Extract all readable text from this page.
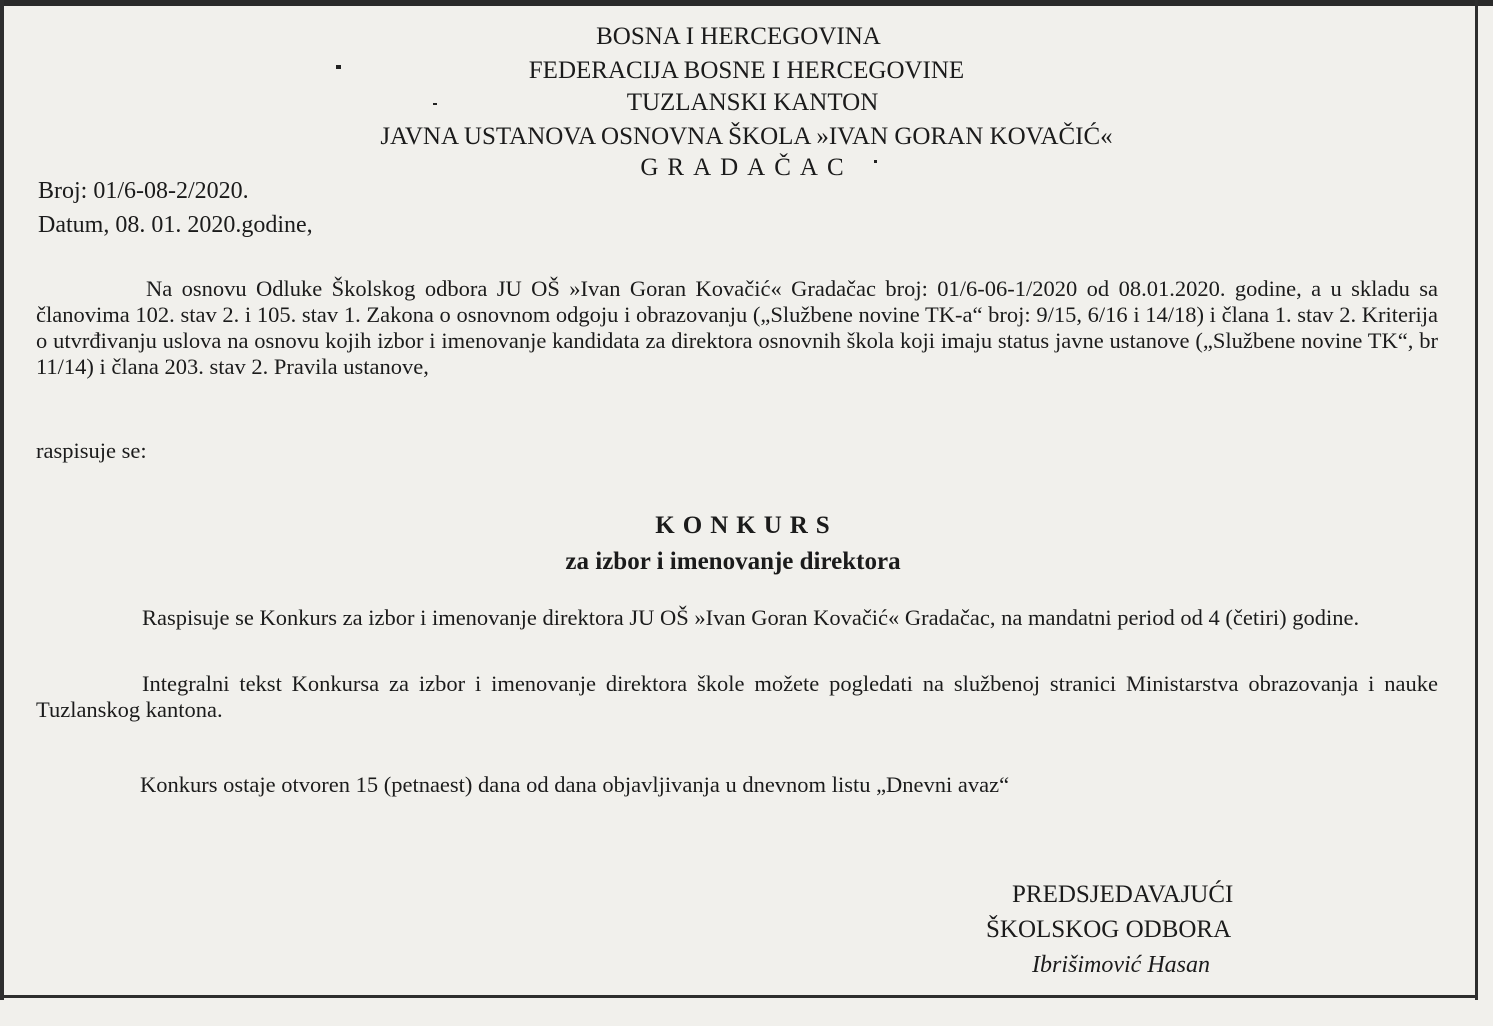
BOSNA I HERCEGOVINA
FEDERACIJA BOSNE I HERCEGOVINE
TUZLANSKI KANTON
JAVNA USTANOVA OSNOVNA ŠKOLA »IVAN GORAN KOVAČIĆ«
GRADAČAC
Broj: 01/6-08-2/2020.
Datum, 08. 01. 2020.godine,

Na osnovu Odluke Školskog odbora JU OŠ »Ivan Goran Kovačić« Gradačac broj: 01/6-06-1/2020 od 08.01.2020. godine, a u skladu sa članovima 102. stav 2. i 105. stav 1. Zakona o osnovnom odgoju i obrazovanju („Službene novine TK-a“ broj: 9/15, 6/16 i 14/18) i člana 1. stav 2. Kriterija o utvrđivanju uslova na osnovu kojih izbor i imenovanje kandidata za direktora osnovnih škola koji imaju status javne ustanove („Službene novine TK“, br 11/14) i člana 203. stav 2. Pravila ustanove,

raspisuje se:
KONKURS
za izbor i imenovanje direktora

Raspisuje se Konkurs za izbor i imenovanje direktora JU OŠ »Ivan Goran Kovačić« Gradačac, na mandatni period od 4 (četiri) godine.

Integralni tekst Konkursa za izbor i imenovanje direktora škole možete pogledati na službenoj stranici Ministarstva obrazovanja i nauke Tuzlanskog kantona.

Konkurs ostaje otvoren 15 (petnaest) dana od dana objavljivanja u dnevnom listu „Dnevni avaz“
PREDSJEDAVAJUĆI
ŠKOLSKOG ODBORA
Ibrišimović Hasan
